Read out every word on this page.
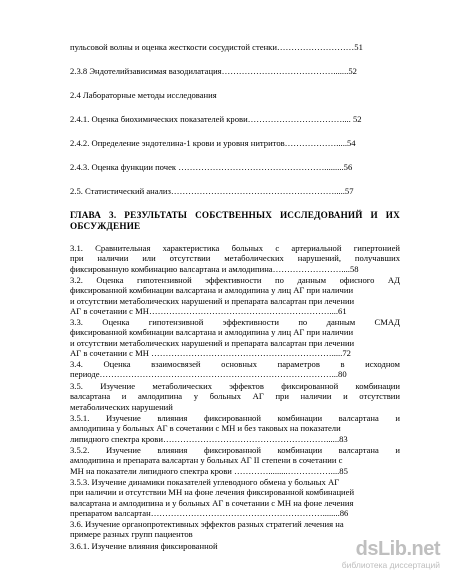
пульсовой волны и оценка жесткости сосудистой стенки………………………51
2.3.8 Эндотелийзависимая вазодилатация………………………………….......52
2.4 Лабораторные методы исследования
2.4.1. Оценка биохимических показателей крови…………………………….... 52
2.4.2. Определение эндотелина-1 крови и уровня нитритов……………….....54
2.4.3. Оценка функции почек …………………………………………….........56
2.5. Статистический анализ………………………………………………….....57
ГЛАВА 3. РЕЗУЛЬТАТЫ СОБСТВЕННЫХ ИССЛЕДОВАНИЙ И ИХ
ОБСУЖДЕНИЕ
3.1. Сравнительная характеристика больных с артериальной гипертонией
при наличии или отсутствии метаболических нарушений, получавших
фиксированную комбинацию валсартана и амлодипина……………………....58
3.2. Оценка гипотензивной эффективности по данным офисного АД
фиксированной комбинации валсартана и амлодипина у лиц АГ при наличии
и отсутствии метаболических нарушений и препарата валсартан при лечении
АГ в сочетании с МН………………………………………………………....61
3.3. Оценка гипотензивной эффективности по данным СМАД
фиксированной комбинации валсартана и амлодипина у лиц АГ при наличии
и отсутствии метаболических нарушений и препарата валсартан при лечении
АГ в сочетании с МН ……………………………………………………….....72
3.4. Оценка взаимосвязей основных параметров в исходном
периоде………………………………………………………………………...80
3.5. Изучение метаболических эффектов фиксированной комбинации
валсартана и амлодипина у больных АГ при наличии и отсутствии
метаболических нарушений
3.5.1. Изучение влияния фиксированной комбинации валсартана и
амлодипина у больных АГ в сочетании с МН и без таковых на показатели
липидного спектра крови…………………………………………………......83
3.5.2. Изучение влияния фиксированной комбинации валсартана и
амлодипина и препарата валсартан у больных АГ II степени в сочетании с
МН на показатели липидного спектра крови ………….........……………....85
3.5.3. Изучение динамики показателей углеводного обмена у больных АГ
при наличии и отсутствии МН на фоне лечения фиксированной комбинацией
валсартана и амлодипина и у больных АГ в сочетании с МН на фоне лечения
препаратом валсартан……………………………………………………........86
3.6. Изучение органопротективных эффектов разных стратегий лечения на
примере разных групп пациентов
3.6.1. Изучение влияния фиксированной	dsLib.net
библиотека диссертаций
